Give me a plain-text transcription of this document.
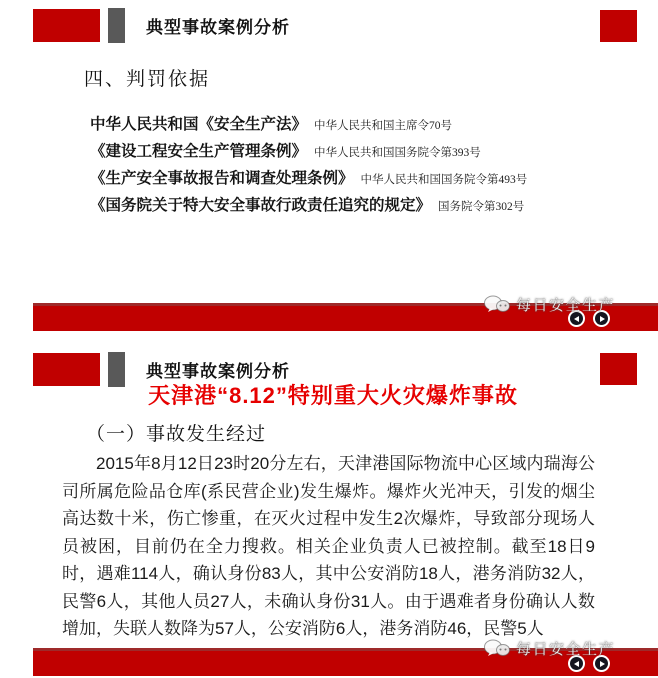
典型事故案例分析
四、判罚依据
中华人民共和国《安全生产法》 中华人民共和国主席令70号
《建设工程安全生产管理条例》 中华人民共和国国务院令第393号
《生产安全事故报告和调查处理条例》 中华人民共和国国务院令第493号
《国务院关于特大安全事故行政责任追究的规定》 国务院令第302号
每日安全生产
典型事故案例分析
天津港“8.12”特别重大火灾爆炸事故
（一）事故发生经过

2015年8月12日23时20分左右，天津港国际物流中心区域内瑞海公司所属危险品仓库(系民营企业)发生爆炸。爆炸火光冲天，引发的烟尘高达数十米，伤亡惨重，在灭火过程中发生2次爆炸，导致部分现场人员被困，目前仍在全力搜救。相关企业负责人已被控制。截至18日9时，遇难114人，确认身份83人，其中公安消防18人，港务消防32人，民警6人，其他人员27人，未确认身份31人。由于遇难者身份确认人数增加，失联人数降为57人，公安消防6人，港务消防46，民警5人

每日安全生产
